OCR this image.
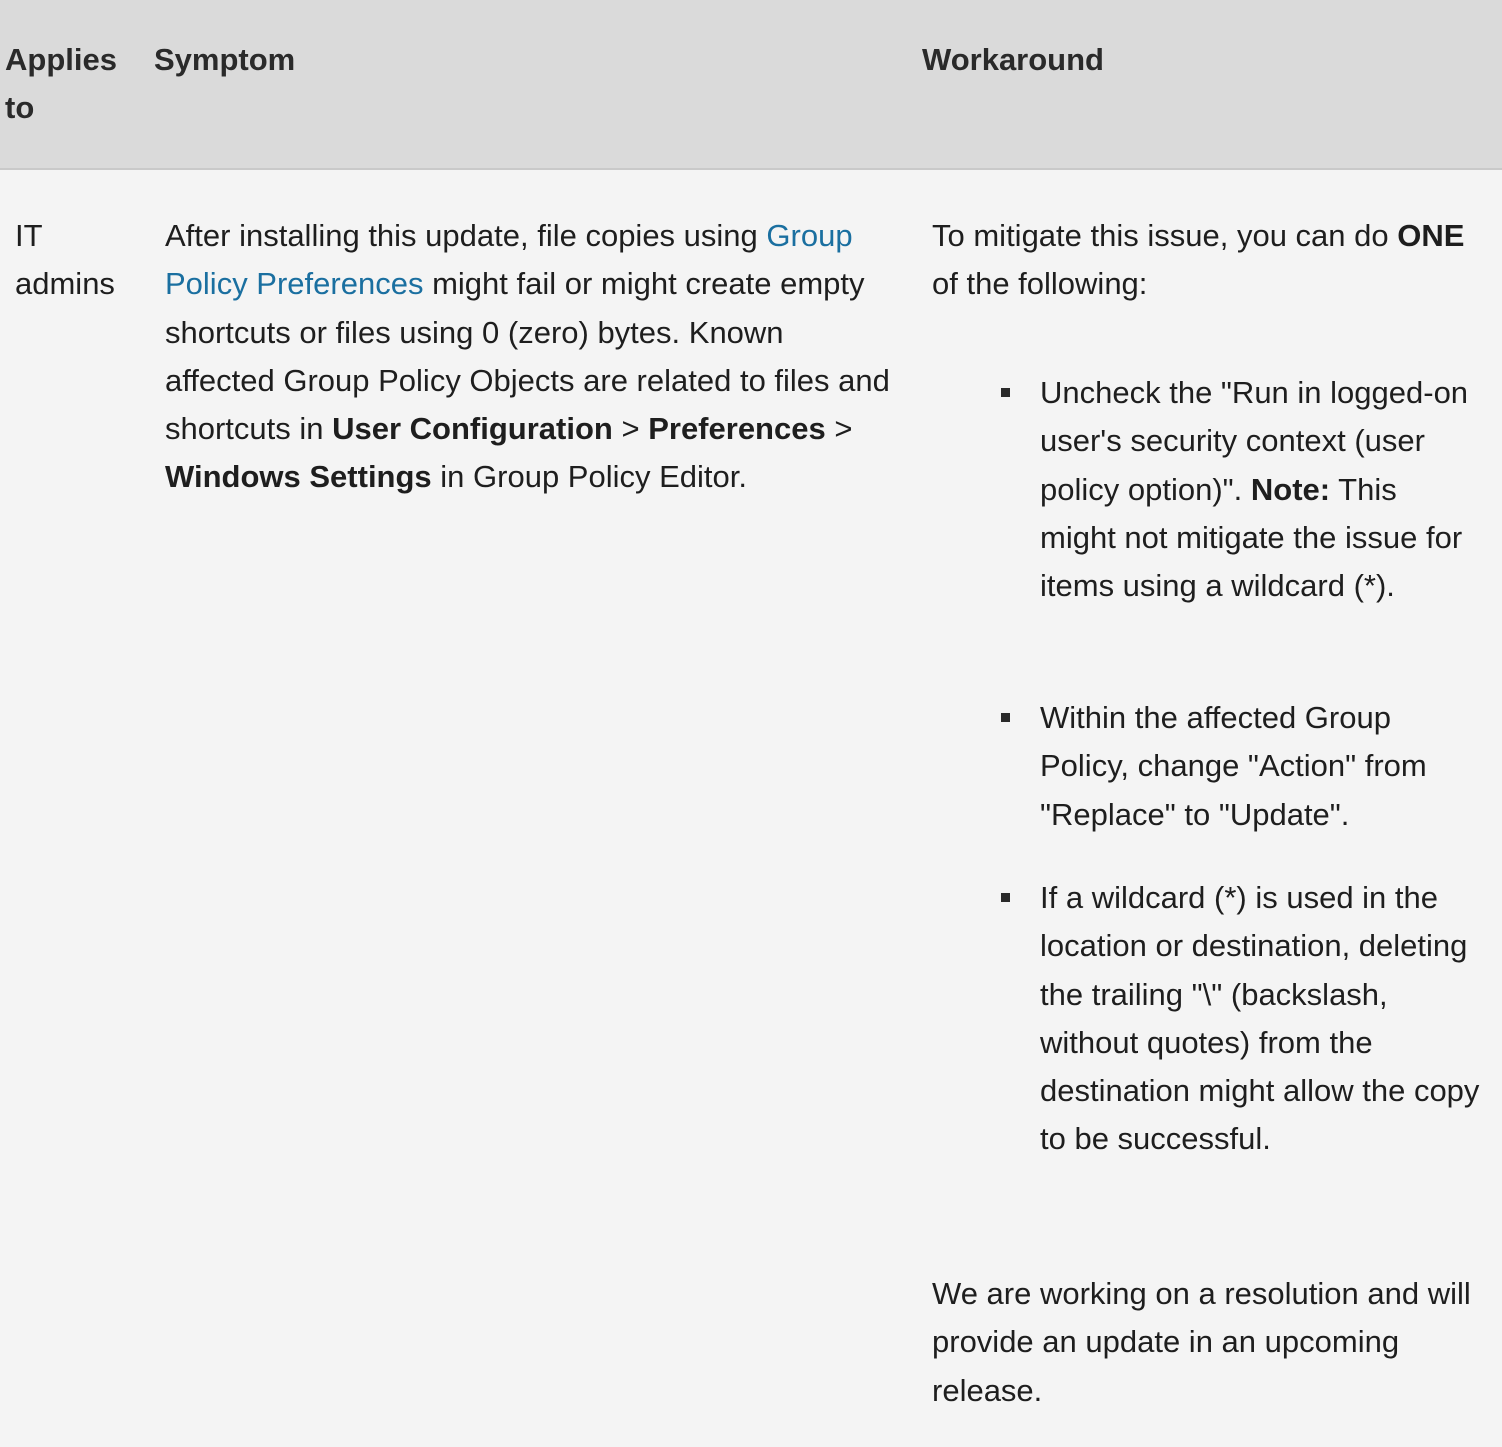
Applies to
Symptom	Workaround
IT admins
After installing this update, file copies using Group Policy Preferences might fail or might create empty shortcuts or files using 0 (zero) bytes. Known affected Group Policy Objects are related to files and shortcuts in User Configuration > Preferences > Windows Settings in Group Policy Editor.
To mitigate this issue, you can do ONE of the following:
Uncheck the "Run in logged-on user's security context (user policy option)". Note: This might not mitigate the issue for items using a wildcard (*).
Within the affected Group Policy, change "Action" from "Replace" to "Update".
If a wildcard (*) is used in the location or destination, deleting the trailing "\" (backslash, without quotes) from the destination might allow the copy to be successful.
We are working on a resolution and will provide an update in an upcoming release.
